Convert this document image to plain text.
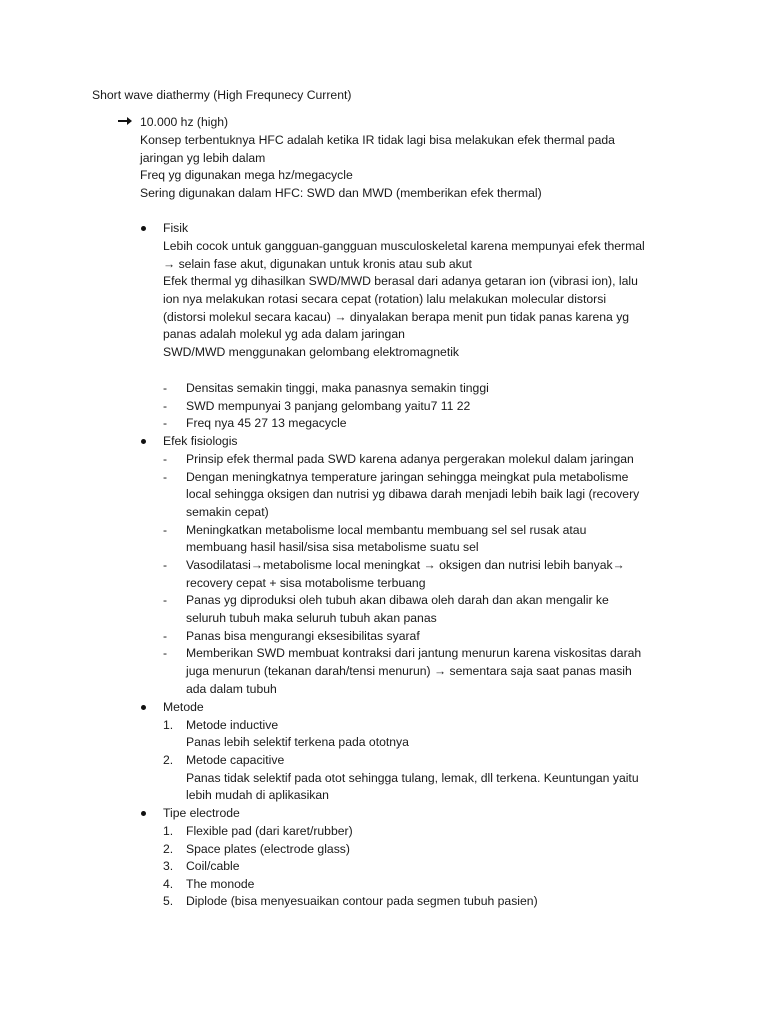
Short wave diathermy (High Frequnecy Current)
10.000 hz (high)
Konsep terbentuknya HFC adalah ketika IR tidak lagi bisa melakukan efek thermal pada
jaringan yg lebih dalam
Freq yg digunakan mega hz/megacycle
Sering digunakan dalam HFC: SWD dan MWD (memberikan efek thermal)
Fisik
Lebih cocok untuk gangguan-gangguan musculoskeletal karena mempunyai efek thermal
→ selain fase akut, digunakan untuk kronis atau sub akut
Efek thermal yg dihasilkan SWD/MWD berasal dari adanya getaran ion (vibrasi ion), lalu
ion nya melakukan rotasi secara cepat (rotation) lalu melakukan molecular distorsi
(distorsi molekul secara kacau) → dinyalakan berapa menit pun tidak panas karena yg
panas adalah molekul yg ada dalam jaringan
SWD/MWD menggunakan gelombang elektromagnetik
- Densitas semakin tinggi, maka panasnya semakin tinggi
- SWD mempunyai 3 panjang gelombang yaitu7 11 22
- Freq nya 45 27 13 megacycle
Efek fisiologis
- Prinsip efek thermal pada SWD karena adanya pergerakan molekul dalam jaringan
- Dengan meningkatnya temperature jaringan sehingga meingkat pula metabolisme
local sehingga oksigen dan nutrisi yg dibawa darah menjadi lebih baik lagi (recovery
semakin cepat)
- Meningkatkan metabolisme local membantu membuang sel sel rusak atau
membuang hasil hasil/sisa sisa metabolisme suatu sel
- Vasodilatasi→metabolisme local meningkat → oksigen dan nutrisi lebih banyak→
recovery cepat + sisa motabolisme terbuang
- Panas yg diproduksi oleh tubuh akan dibawa oleh darah dan akan mengalir ke
seluruh tubuh maka seluruh tubuh akan panas
- Panas bisa mengurangi eksesibilitas syaraf
- Memberikan SWD membuat kontraksi dari jantung menurun karena viskositas darah
juga menurun (tekanan darah/tensi menurun) → sementara saja saat panas masih
ada dalam tubuh
Metode
1. Metode inductive
Panas lebih selektif terkena pada ototnya
2. Metode capacitive
Panas tidak selektif pada otot sehingga tulang, lemak, dll terkena. Keuntungan yaitu
lebih mudah di aplikasikan
Tipe electrode
1. Flexible pad (dari karet/rubber)
2. Space plates (electrode glass)
3. Coil/cable
4. The monode
5. Diplode (bisa menyesuaikan contour pada segmen tubuh pasien)
